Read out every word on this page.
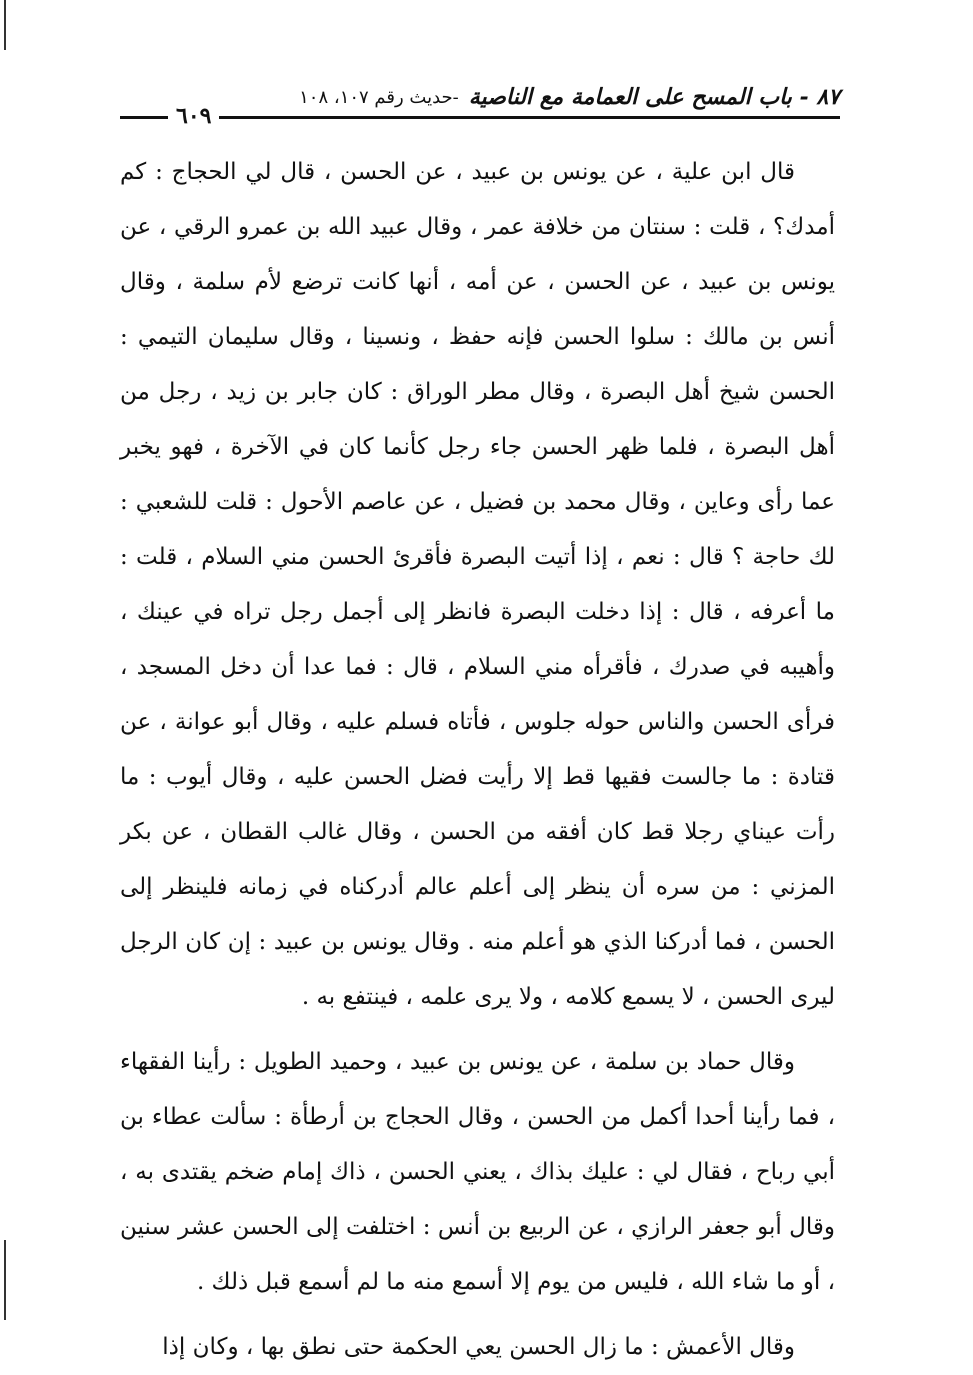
٨٧ - باب المسح على العمامة مع الناصية
-حديث رقم ١٠٧، ١٠٨
٦٠٩

قال ابن علية ، عن يونس بن عبيد ، عن الحسن ، قال لي الحجاج : كم أمدك؟ ، قلت : سنتان من خلافة عمر ، وقال عبيد الله بن عمرو الرقي ، عن يونس بن عبيد ، عن الحسن ، عن أمه ، أنها كانت ترضع لأم سلمة ، وقال أنس بن مالك : سلوا الحسن فإنه حفظ ، ونسينا ، وقال سليمان التيمي : الحسن شيخ أهل البصرة ، وقال مطر الوراق : كان جابر بن زيد ، رجل من أهل البصرة ، فلما ظهر الحسن جاء رجل كأنما كان في الآخرة ، فهو يخبر عما رأى وعاين ، وقال محمد بن فضيل ، عن عاصم الأحول : قلت للشعبي : لك حاجة ؟ قال : نعم ، إذا أتيت البصرة فأقرئ الحسن مني السلام ، قلت : ما أعرفه ، قال : إذا دخلت البصرة فانظر إلى أجمل رجل تراه في عينك ، وأهيبه في صدرك ، فأقرأه مني السلام ، قال : فما عدا أن دخل المسجد ، فرأى الحسن والناس حوله جلوس ، فأتاه فسلم عليه ، وقال أبو عوانة ، عن قتادة : ما جالست فقيها قط إلا رأيت فضل الحسن عليه ، وقال أيوب : ما رأت عيناي رجلا قط كان أفقه من الحسن ، وقال غالب القطان ، عن بكر المزني : من سره أن ينظر إلى أعلم عالم أدركناه في زمانه فلينظر إلى الحسن ، فما أدركنا الذي هو أعلم منه . وقال يونس بن عبيد : إن كان الرجل ليرى الحسن ، لا يسمع كلامه ، ولا يرى علمه ، فينتفع به .

وقال حماد بن سلمة ، عن يونس بن عبيد ، وحميد الطويل : رأينا الفقهاء ، فما رأينا أحدا أكمل من الحسن ، وقال الحجاج بن أرطأة : سألت عطاء بن أبي رباح ، فقال لي : عليك بذاك ، يعني الحسن ، ذاك إمام ضخم يقتدى به ، وقال أبو جعفر الرازي ، عن الربيع بن أنس : اختلفت إلى الحسن عشر سنين ، أو ما شاء الله ، فليس من يوم إلا أسمع منه ما لم أسمع قبل ذلك .

وقال الأعمش : ما زال الحسن يعي الحكمة حتى نطق بها ، وكان إذا
